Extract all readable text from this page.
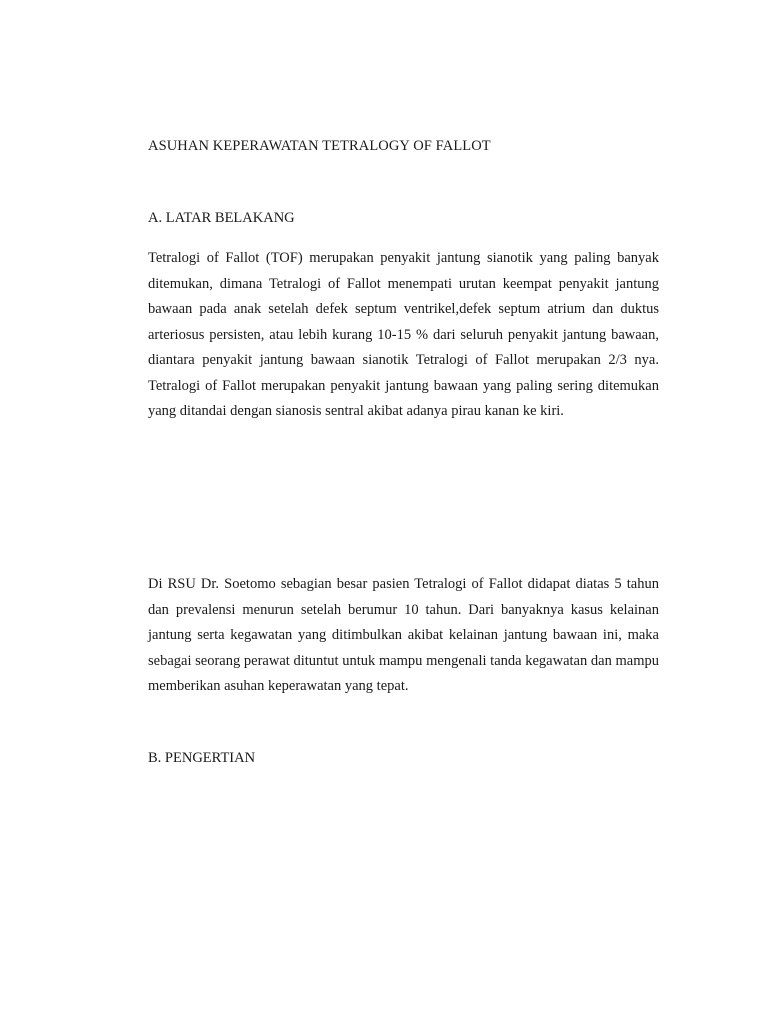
ASUHAN KEPERAWATAN TETRALOGY OF FALLOT
A. LATAR BELAKANG

Tetralogi of Fallot (TOF) merupakan penyakit jantung sianotik yang paling banyak ditemukan, dimana Tetralogi of Fallot menempati urutan keempat penyakit jantung bawaan pada anak setelah defek septum ventrikel,defek septum atrium dan duktus arteriosus persisten, atau lebih kurang 10-15 % dari seluruh penyakit jantung bawaan, diantara penyakit jantung bawaan sianotik Tetralogi of Fallot merupakan 2/3 nya. Tetralogi of Fallot merupakan penyakit jantung bawaan yang paling sering ditemukan yang ditandai dengan sianosis sentral akibat adanya pirau kanan ke kiri.

Di RSU Dr. Soetomo sebagian besar pasien Tetralogi of Fallot didapat diatas 5 tahun dan prevalensi menurun setelah berumur 10 tahun. Dari banyaknya kasus kelainan jantung serta kegawatan yang ditimbulkan akibat kelainan jantung bawaan ini, maka sebagai seorang perawat dituntut untuk mampu mengenali tanda kegawatan dan mampu memberikan asuhan keperawatan yang tepat.

B. PENGERTIAN
